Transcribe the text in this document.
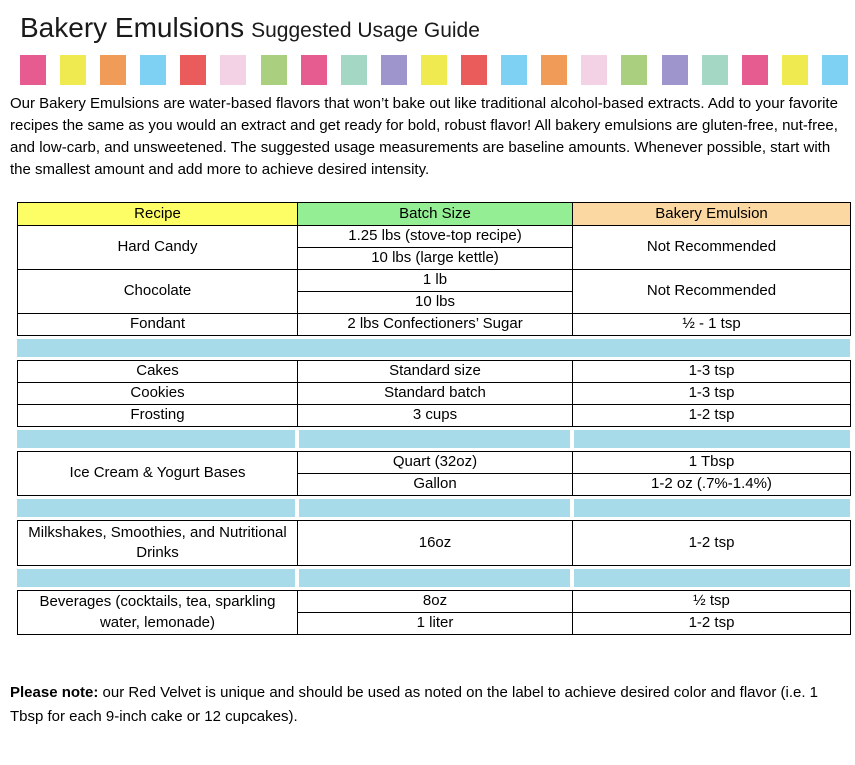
Bakery Emulsions Suggested Usage Guide

Our Bakery Emulsions are water-based flavors that won’t bake out like traditional alcohol-based extracts. Add to your favorite recipes the same as you would an extract and get ready for bold, robust flavor! All bakery emulsions are gluten-free, nut-free, and low-carb, and unsweetened. The suggested usage measurements are baseline amounts. Whenever possible, start with the smallest amount and add more to achieve desired intensity.

Recipe	Batch Size	Bakery Emulsion
Hard Candy	1.25 lbs (stove-top recipe)	Not Recommended
	10 lbs (large kettle)	
Chocolate	1 lb	Not Recommended
	10 lbs	
Fondant	2 lbs Confectioners’ Sugar	½ - 1 tsp
Cakes	Standard size	1-3 tsp
Cookies	Standard batch	1-3 tsp
Frosting	3 cups	1-2 tsp
Ice Cream & Yogurt Bases	Quart (32oz)	1 Tbsp
	Gallon	1-2 oz (.7%-1.4%)
Milkshakes, Smoothies, and Nutritional Drinks	16oz	1-2 tsp
Beverages (cocktails, tea, sparkling water, lemonade)	8oz	½ tsp
	1 liter	1-2 tsp

Please note: our Red Velvet is unique and should be used as noted on the label to achieve desired color and flavor (i.e. 1 Tbsp for each 9-inch cake or 12 cupcakes).
